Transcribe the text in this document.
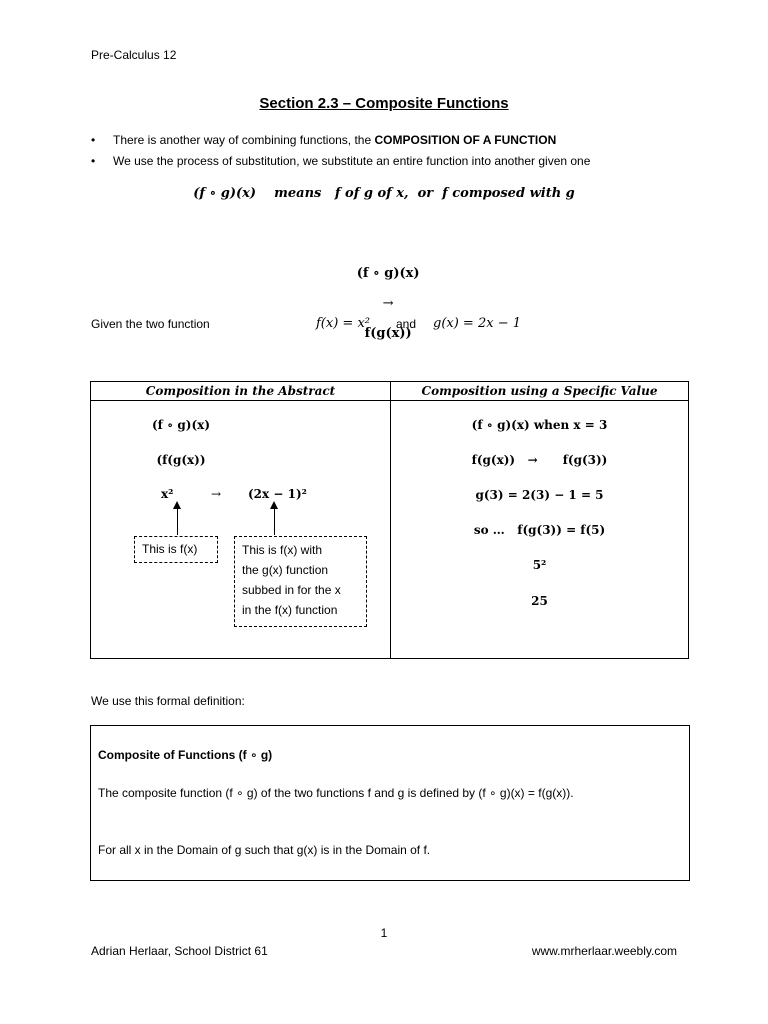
Pre-Calculus 12
Section 2.3 – Composite Functions
•	There is another way of combining functions, the COMPOSITION OF A FUNCTION
•	We use the process of substitution, we substitute an entire function into another given one
(f ∘ g)(x)    means   f of g of x,  or  f composed with g

(f ∘ g)(x)

→

f(g(x))

Given the two function	f(x) = x² and g(x) = 2x − 1
Composition in the Abstract	Composition using a Specific Value
(f ∘ g)(x)
(f(g(x))
x²	→ (2x − 1)²
This is f(x)	This is f(x) with
the g(x) function
subbed in for the x
in the f(x) function
(f ∘ g)(x) when x = 3
f(g(x))   →      f(g(3))
g(3) = 2(3) − 1 = 5
so …   f(g(3)) = f(5)
5²
25
We use this formal definition:
Composite of Functions (f ∘ g)
The composite function (f ∘ g) of the two functions f and g is defined by (f ∘ g)(x) = f(g(x)).
For all x in the Domain of g such that g(x) is in the Domain of f.
1
Adrian Herlaar, School District 61	www.mrherlaar.weebly.com
